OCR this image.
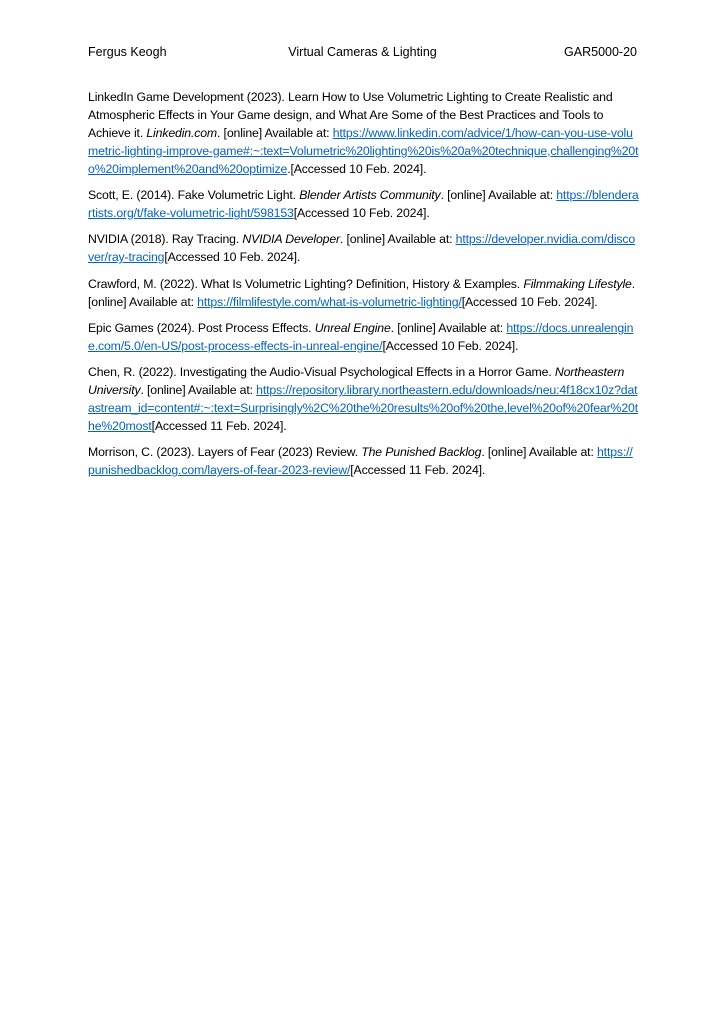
Fergus Keogh	Virtual Cameras & Lighting	GAR5000-20

LinkedIn Game Development (2023). Learn How to Use Volumetric Lighting to Create Realistic and Atmospheric Effects in Your Game design, and What Are Some of the Best Practices and Tools to Achieve it. Linkedin.com. [online] Available at: https://www.linkedin.com/advice/1/how-can-you-use-volumetric-lighting-improve-game#:~:text=Volumetric%20lighting%20is%20a%20technique,challenging%20to%20implement%20and%20optimize.[Accessed 10 Feb. 2024].

Scott, E. (2014). Fake Volumetric Light. Blender Artists Community. [online] Available at: https://blenderartists.org/t/fake-volumetric-light/598153[Accessed 10 Feb. 2024].

NVIDIA (2018). Ray Tracing. NVIDIA Developer. [online] Available at: https://developer.nvidia.com/discover/ray-tracing[Accessed 10 Feb. 2024].

Crawford, M. (2022). What Is Volumetric Lighting? Definition, History & Examples. Filmmaking Lifestyle. [online] Available at: https://filmlifestyle.com/what-is-volumetric-lighting/[Accessed 10 Feb. 2024].

Epic Games (2024). Post Process Effects. Unreal Engine. [online] Available at: https://docs.unrealengine.com/5.0/en-US/post-process-effects-in-unreal-engine/[Accessed 10 Feb. 2024].

Chen, R. (2022). Investigating the Audio-Visual Psychological Effects in a Horror Game. Northeastern University. [online] Available at: https://repository.library.northeastern.edu/downloads/neu:4f18cx10z?datastream_id=content#:~:text=Surprisingly%2C%20the%20results%20of%20the,level%20of%20fear%20the%20most[Accessed 11 Feb. 2024].

Morrison, C. (2023). Layers of Fear (2023) Review. The Punished Backlog. [online] Available at: https://punishedbacklog.com/layers-of-fear-2023-review/[Accessed 11 Feb. 2024].
